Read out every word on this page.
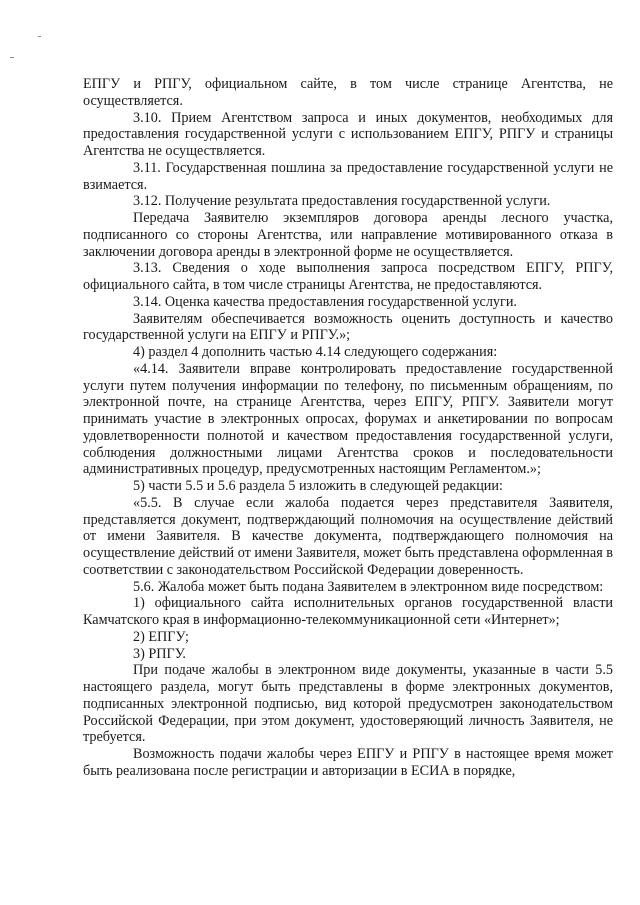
ЕПГУ и РПГУ, официальном сайте, в том числе странице Агентства, не осуществляется.

3.10. Прием Агентством запроса и иных документов, необходимых для предоставления государственной услуги с использованием ЕПГУ, РПГУ и страницы Агентства не осуществляется.

3.11. Государственная пошлина за предоставление государственной услуги не взимается.

3.12. Получение результата предоставления государственной услуги.

Передача Заявителю экземпляров договора аренды лесного участка, подписанного со стороны Агентства, или направление мотивированного отказа в заключении договора аренды в электронной форме не осуществляется.

3.13. Сведения о ходе выполнения запроса посредством ЕПГУ, РПГУ, официального сайта, в том числе страницы Агентства, не предоставляются.

3.14. Оценка качества предоставления государственной услуги.

Заявителям обеспечивается возможность оценить доступность и качество государственной услуги на ЕПГУ и РПГУ.»;

4) раздел 4 дополнить частью 4.14 следующего содержания:

«4.14. Заявители вправе контролировать предоставление государственной услуги путем получения информации по телефону, по письменным обращениям, по электронной почте, на странице Агентства, через ЕПГУ, РПГУ. Заявители могут принимать участие в электронных опросах, форумах и анкетировании по вопросам удовлетворенности полнотой и качеством предоставления государственной услуги, соблюдения должностными лицами Агентства сроков и последовательности административных процедур, предусмотренных настоящим Регламентом.»;

5) части 5.5 и 5.6 раздела 5 изложить в следующей редакции:

«5.5. В случае если жалоба подается через представителя Заявителя, представляется документ, подтверждающий полномочия на осуществление действий от имени Заявителя. В качестве документа, подтверждающего полномочия на осуществление действий от имени Заявителя, может быть представлена оформленная в соответствии с законодательством Российской Федерации доверенность.

5.6. Жалоба может быть подана Заявителем в электронном виде посредством:

1) официального сайта исполнительных органов государственной власти Камчатского края в информационно-телекоммуникационной сети «Интернет»;

2) ЕПГУ;

3) РПГУ.

При подаче жалобы в электронном виде документы, указанные в части 5.5 настоящего раздела, могут быть представлены в форме электронных документов, подписанных электронной подписью, вид которой предусмотрен законодательством Российской Федерации, при этом документ, удостоверяющий личность Заявителя, не требуется.

Возможность подачи жалобы через ЕПГУ и РПГУ в настоящее время может быть реализована после регистрации и авторизации в ЕСИА в порядке,
